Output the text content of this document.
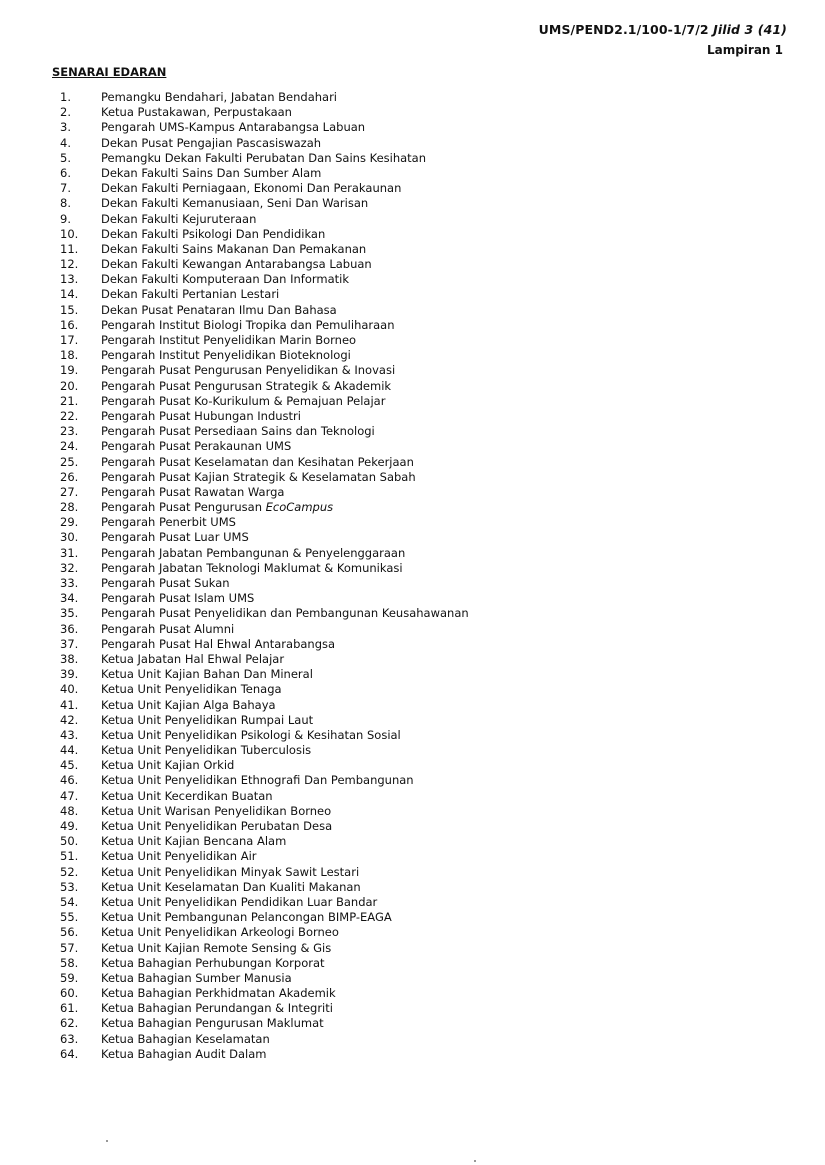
UMS/PEND2.1/100-1/7/2 Jilid 3 (41)
Lampiran 1
SENARAI EDARAN
1.	Pemangku Bendahari, Jabatan Bendahari
2.	Ketua Pustakawan, Perpustakaan
3.	Pengarah UMS-Kampus Antarabangsa Labuan
4.	Dekan Pusat Pengajian Pascasiswazah
5.	Pemangku Dekan Fakulti Perubatan Dan Sains Kesihatan
6.	Dekan Fakulti Sains Dan Sumber Alam
7.	Dekan Fakulti Perniagaan, Ekonomi Dan Perakaunan
8.	Dekan Fakulti Kemanusiaan, Seni Dan Warisan
9.	Dekan Fakulti Kejuruteraan
10.	Dekan Fakulti Psikologi Dan Pendidikan
11.	Dekan Fakulti Sains Makanan Dan Pemakanan
12.	Dekan Fakulti Kewangan Antarabangsa Labuan
13.	Dekan Fakulti Komputeraan Dan Informatik
14.	Dekan Fakulti Pertanian Lestari
15.	Dekan Pusat Penataran Ilmu Dan Bahasa
16.	Pengarah Institut Biologi Tropika dan Pemuliharaan
17.	Pengarah Institut Penyelidikan Marin Borneo
18.	Pengarah Institut Penyelidikan Bioteknologi
19.	Pengarah Pusat Pengurusan Penyelidikan & Inovasi
20.	Pengarah Pusat Pengurusan Strategik & Akademik
21.	Pengarah Pusat Ko-Kurikulum & Pemajuan Pelajar
22.	Pengarah Pusat Hubungan Industri
23.	Pengarah Pusat Persediaan Sains dan Teknologi
24.	Pengarah Pusat Perakaunan UMS
25.	Pengarah Pusat Keselamatan dan Kesihatan Pekerjaan
26.	Pengarah Pusat Kajian Strategik & Keselamatan Sabah
27.	Pengarah Pusat Rawatan Warga
28.	Pengarah Pusat Pengurusan EcoCampus
29.	Pengarah Penerbit UMS
30.	Pengarah Pusat Luar UMS
31.	Pengarah Jabatan Pembangunan & Penyelenggaraan
32.	Pengarah Jabatan Teknologi Maklumat & Komunikasi
33.	Pengarah Pusat Sukan
34.	Pengarah Pusat Islam UMS
35.	Pengarah Pusat Penyelidikan dan Pembangunan Keusahawanan
36.	Pengarah Pusat Alumni
37.	Pengarah Pusat Hal Ehwal Antarabangsa
38.	Ketua Jabatan Hal Ehwal Pelajar
39.	Ketua Unit Kajian Bahan Dan Mineral
40.	Ketua Unit Penyelidikan Tenaga
41.	Ketua Unit Kajian Alga Bahaya
42.	Ketua Unit Penyelidikan Rumpai Laut
43.	Ketua Unit Penyelidikan Psikologi & Kesihatan Sosial
44.	Ketua Unit Penyelidikan Tuberculosis
45.	Ketua Unit Kajian Orkid
46.	Ketua Unit Penyelidikan Ethnografi Dan Pembangunan
47.	Ketua Unit Kecerdikan Buatan
48.	Ketua Unit Warisan Penyelidikan Borneo
49.	Ketua Unit Penyelidikan Perubatan Desa
50.	Ketua Unit Kajian Bencana Alam
51.	Ketua Unit Penyelidikan Air
52.	Ketua Unit Penyelidikan Minyak Sawit Lestari
53.	Ketua Unit Keselamatan Dan Kualiti Makanan
54.	Ketua Unit Penyelidikan Pendidikan Luar Bandar
55.	Ketua Unit Pembangunan Pelancongan BIMP-EAGA
56.	Ketua Unit Penyelidikan Arkeologi Borneo
57.	Ketua Unit Kajian Remote Sensing & Gis
58.	Ketua Bahagian Perhubungan Korporat
59.	Ketua Bahagian Sumber Manusia
60.	Ketua Bahagian Perkhidmatan Akademik
61.	Ketua Bahagian Perundangan & Integriti
62.	Ketua Bahagian Pengurusan Maklumat
63.	Ketua Bahagian Keselamatan
64.	Ketua Bahagian Audit Dalam
